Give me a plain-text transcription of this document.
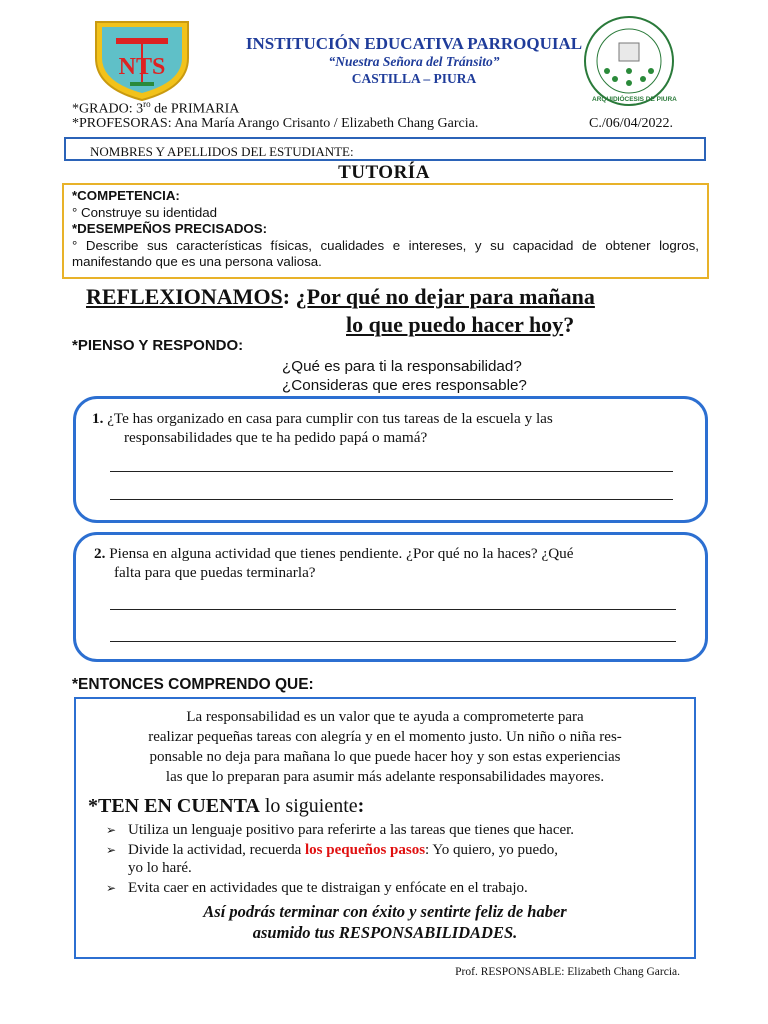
NTS
ARQUIDIÓCESIS DE PIURA
INSTITUCIÓN EDUCATIVA PARROQUIAL
“Nuestra Señora del Tránsito”
CASTILLA – PIURA
*GRADO: $3^{ro}$ de PRIMARIA
*PROFESORAS: Ana María Arango Crisanto / Elizabeth Chang Garcia.	C./06/04/2022.
NOMBRES Y APELLIDOS DEL ESTUDIANTE:
TUTORÍA
*COMPETENCIA:
° Construye su identidad
*DESEMPEÑOS PRECISADOS:
° Describe sus características físicas, cualidades e intereses, y su capacidad de obtener logros, manifestando que es una persona valiosa.
REFLEXIONAMOS: ¿Por qué no dejar para mañana
lo que puedo hacer hoy?
*PIENSO Y RESPONDO:
¿Qué es para ti la responsabilidad?
¿Consideras que eres responsable?
1. ¿Te has organizado en casa para cumplir con tus tareas de la escuela y las
responsabilidades que te ha pedido papá o mamá?
2. Piensa en alguna actividad que tienes pendiente. ¿Por qué no la haces? ¿Qué
falta para que puedas terminarla?
*ENTONCES COMPRENDO QUE:
La responsabilidad es un valor que te ayuda a comprometerte para
realizar pequeñas tareas con alegría y en el momento justo. Un niño o niña res-
ponsable no deja para mañana lo que puede hacer hoy y son estas experiencias
las que lo preparan para asumir más adelante responsabilidades mayores.
*TEN EN CUENTA lo siguiente:
➢ Utiliza un lenguaje positivo para referirte a las tareas que tienes que hacer.
➢ Divide la actividad, recuerda los pequeños pasos: Yo quiero, yo puedo,
yo lo haré.
➢ Evita caer en actividades que te distraigan y enfócate en el trabajo.
Así podrás terminar con éxito y sentirte feliz de haber
asumido tus RESPONSABILIDADES.
Prof. RESPONSABLE: Elizabeth Chang Garcia.
